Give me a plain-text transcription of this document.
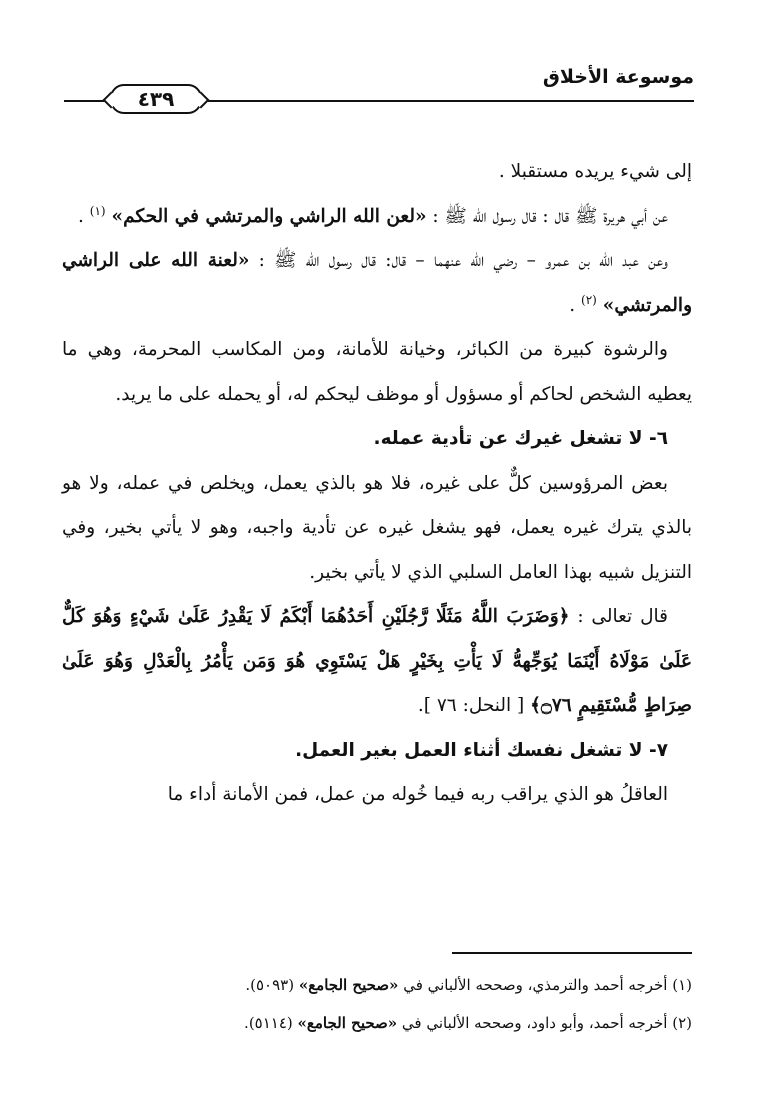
موسوعة الأخلاق
٤٣٩

إلى شيء يريده مستقبلا .

عن أبي هريرة ﷺ قال : قال رسول الله ﷺ : «لعن الله الراشي والمرتشي في الحكم» $^{(١)}$ .

وعن عبد الله بن عمرو – رضي الله عنهما – قال: قال رسول الله ﷺ : «لعنة الله على الراشي والمرتشي» $^{(٢)}$ .

والرشوة كبيرة من الكبائر، وخيانة للأمانة، ومن المكاسب المحرمة، وهي ما يعطيه الشخص لحاكم أو مسؤول أو موظف ليحكم له، أو يحمله على ما يريد.

٦- لا تشغل غيرك عن تأدية عمله.

بعض المرؤوسين كلٌّ على غيره، فلا هو بالذي يعمل، ويخلص في عمله، ولا هو بالذي يترك غيره يعمل، فهو يشغل غيره عن تأدية واجبه، وهو لا يأتي بخير، وفي التنزيل شبيه بهذا العامل السلبي الذي لا يأتي بخير.

قال تعالى : ﴿وَضَرَبَ اللَّهُ مَثَلًا رَّجُلَيْنِ أَحَدُهُمَا أَبْكَمُ لَا يَقْدِرُ عَلَىٰ شَيْءٍ وَهُوَ كَلٌّ عَلَىٰ مَوْلَاهُ أَيْنَمَا يُوَجِّههُّ لَا يَأْتِ بِخَيْرٍ هَلْ يَسْتَوِي هُوَ وَمَن يَأْمُرُ بِالْعَدْلِ وَهُوَ عَلَىٰ صِرَاطٍ مُّسْتَقِيمٍ ۝٧٦﴾ [ النحل: ٧٦ ].

٧- لا تشغل نفسك أثناء العمل بغير العمل.

العاقلُ هو الذي يراقب ربه فيما خُوله من عمل، فمن الأمانة أداء ما

(١) أخرجه أحمد والترمذي، وصححه الألباني في «صحيح الجامع» (٥٠٩٣).

(٢) أخرجه أحمد، وأبو داود، وصححه الألباني في «صحيح الجامع» (٥١١٤).
